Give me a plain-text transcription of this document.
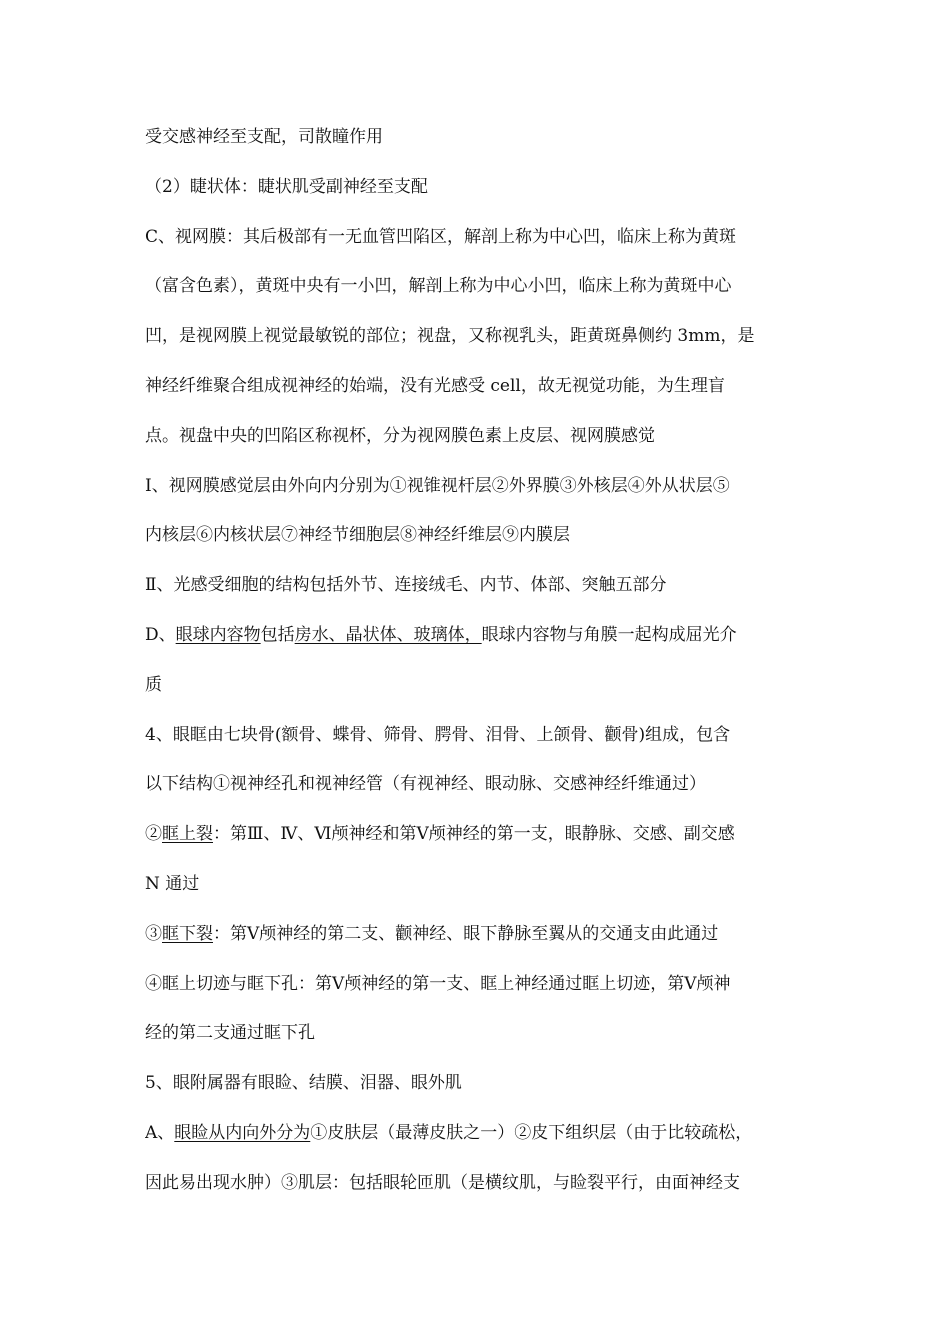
受交感神经至支配，司散瞳作用
（2）睫状体：睫状肌受副神经至支配
C、视网膜：其后极部有一无血管凹陷区，解剖上称为中心凹，临床上称为黄斑
（富含色素），黄斑中央有一小凹，解剖上称为中心小凹，临床上称为黄斑中心
凹，是视网膜上视觉最敏锐的部位；视盘，又称视乳头，距黄斑鼻侧约 3mm，是
神经纤维聚合组成视神经的始端，没有光感受 cell，故无视觉功能，为生理盲
点。视盘中央的凹陷区称视杯，分为视网膜色素上皮层、视网膜感觉
Ⅰ、视网膜感觉层由外向内分别为①视锥视杆层②外界膜③外核层④外从状层⑤
内核层⑥内核状层⑦神经节细胞层⑧神经纤维层⑨内膜层
Ⅱ、光感受细胞的结构包括外节、连接绒毛、内节、体部、突触五部分
D、眼球内容物包括房水、晶状体、玻璃体，眼球内容物与角膜一起构成屈光介
质
4、眼眶由七块骨(额骨、蝶骨、筛骨、腭骨、泪骨、上颌骨、颧骨)组成，包含
以下结构①视神经孔和视神经管（有视神经、眼动脉、交感神经纤维通过）
②眶上裂：第Ⅲ、Ⅳ、Ⅵ颅神经和第Ⅴ颅神经的第一支，眼静脉、交感、副交感
N 通过
③眶下裂：第Ⅴ颅神经的第二支、颧神经、眼下静脉至翼从的交通支由此通过
④眶上切迹与眶下孔：第Ⅴ颅神经的第一支、眶上神经通过眶上切迹，第Ⅴ颅神
经的第二支通过眶下孔
5、眼附属器有眼睑、结膜、泪器、眼外肌
A、眼睑从内向外分为①皮肤层（最薄皮肤之一）②皮下组织层（由于比较疏松，
因此易出现水肿）③肌层：包括眼轮匝肌（是横纹肌，与睑裂平行，由面神经支
